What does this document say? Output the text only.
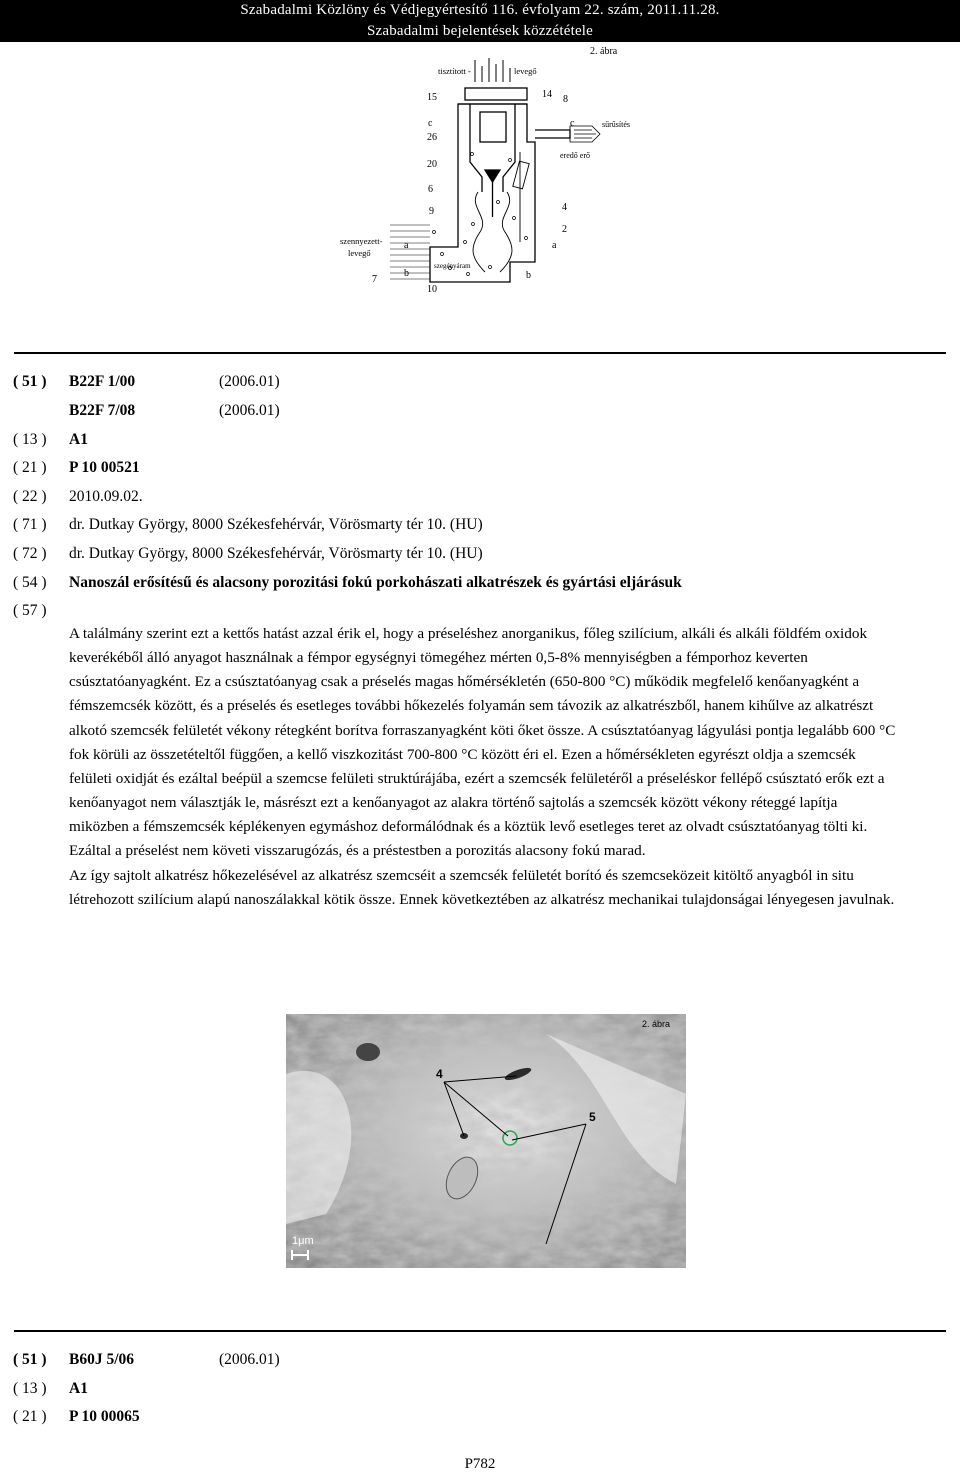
Szabadalmi Közlöny és Védjegyértesítő 116. évfolyam 22. szám, 2011.11.28.
Szabadalmi bejelentések közzététele
2. ábra
tisztított -	levegő
15	14 8
c	c
26
sűrűsítés
20
eredő erő
6
9	4
2
szennyezett-
levegő
a	a
b	b
szegényáram
7
10
( 51 ) B22F 1/00	(2006.01)
B22F 7/08	(2006.01)
( 13 ) A1
( 21 ) P 10 00521
( 22 ) 2010.09.02.
( 71 ) dr. Dutkay György, 8000 Székesfehérvár, Vörösmarty tér 10. (HU)
( 72 ) dr. Dutkay György, 8000 Székesfehérvár, Vörösmarty tér 10. (HU)
( 54 ) Nanoszál erősítésű és alacsony porozitási fokú porkohászati alkatrészek és gyártási eljárásuk
( 57 )

A találmány szerint ezt a kettős hatást azzal érik el, hogy a préseléshez anorganikus, főleg szilícium, alkáli és alkáli földfém oxidok keverékéből álló anyagot használnak a fémpor egységnyi tömegéhez mérten 0,5-8% mennyiségben a fémporhoz keverten csúsztatóanyagként. Ez a csúsztatóanyag csak a préselés magas hőmérsékletén (650-800 °C) működik megfelelő kenőanyagként a fémszemcsék között, és a préselés és esetleges további hőkezelés folyamán sem távozik az alkatrészből, hanem kihűlve az alkatrészt alkotó szemcsék felületét vékony rétegként borítva forraszanyagként köti őket össze. A csúsztatóanyag lágyulási pontja legalább 600 °C fok körüli az összetételtől függően, a kellő viszkozitást 700-800 °C között éri el. Ezen a hőmérsékleten egyrészt oldja a szemcsék felületi oxidját és ezáltal beépül a szemcse felületi struktúrájába, ezért a szemcsék felületéről a préseléskor fellépő csúsztató erők ezt a kenőanyagot nem választják le, másrészt ezt a kenőanyagot az alakra történő sajtolás a szemcsék között vékony réteggé lapítja miközben a fémszemcsék képlékenyen egymáshoz deformálódnak és a köztük levő esetleges teret az olvadt csúsztatóanyag tölti ki. Ezáltal a préselést nem követi visszarugózás, és a préstestben a porozitás alacsony fokú marad.

Az így sajtolt alkatrész hőkezelésével az alkatrész szemcséit a szemcsék felületét borító és szemcseközeit kitöltő anyagból in situ létrehozott szilícium alapú nanoszálakkal kötik össze. Ennek következtében az alkatrész mechanikai tulajdonságai lényegesen javulnak.

4
5
2. ábra
1μm
( 51 ) B60J 5/06	(2006.01)
( 13 ) A1
( 21 ) P 10 00065
P782
